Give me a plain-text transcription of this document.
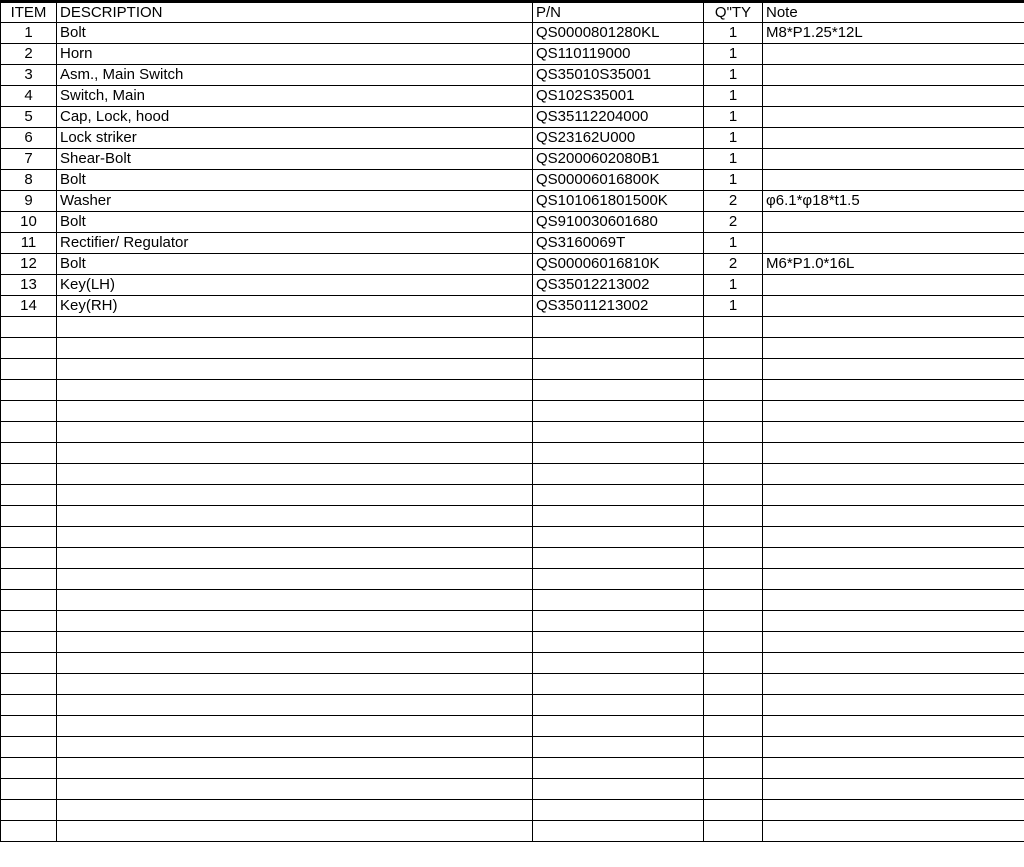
ITEM	DESCRIPTION	P/N	Q"TY	Note
1	Bolt	QS0000801280KL	1	M8*P1.25*12L
2	Horn	QS110119000	1	
3	Asm., Main Switch	QS35010S35001	1	
4	Switch, Main	QS102S35001	1	
5	Cap, Lock, hood	QS35112204000	1	
6	Lock striker	QS23162U000	1	
7	Shear-Bolt	QS2000602080B1	1	
8	Bolt	QS00006016800K	1	
9	Washer	QS101061801500K	2	φ6.1*φ18*t1.5
10	Bolt	QS910030601680	2	
11	Rectifier/ Regulator	QS3160069T	1	
12	Bolt	QS00006016810K	2	M6*P1.0*16L
13	Key(LH)	QS35012213002	1	
14	Key(RH)	QS35011213002	1	
